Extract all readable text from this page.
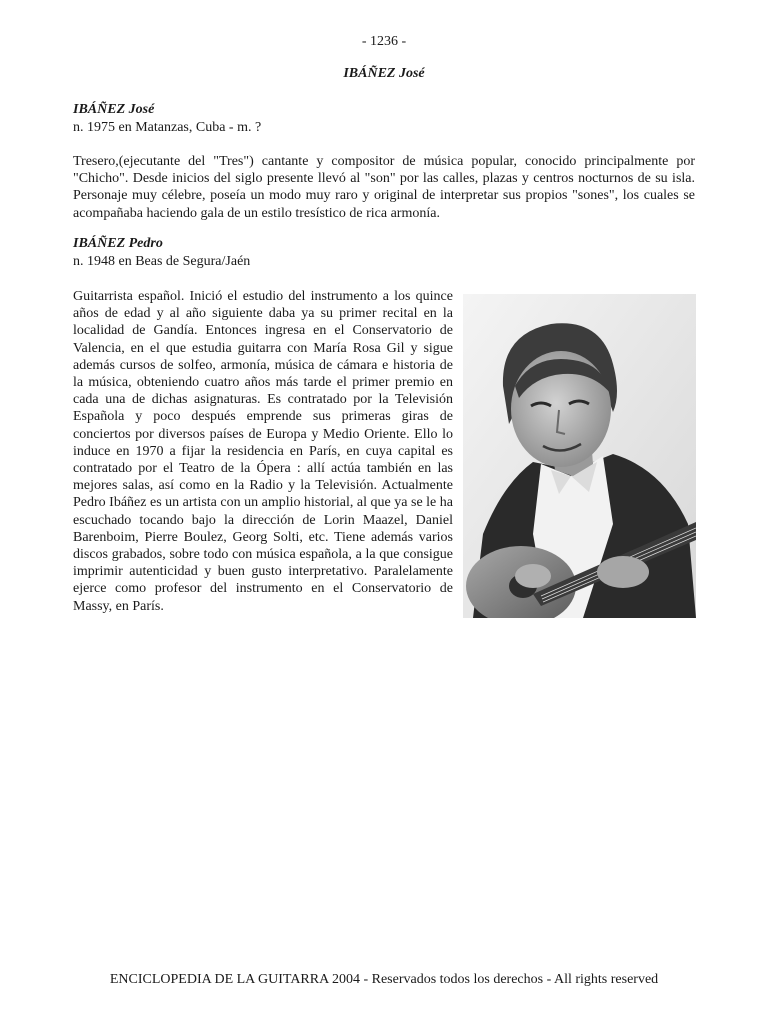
- 1236 -
IBÁÑEZ José
IBÁÑEZ José
n. 1975 en Matanzas, Cuba - m. ?

Tresero,(ejecutante del "Tres") cantante y compositor de música popular, conocido principalmente por "Chicho". Desde inicios del siglo presente llevó al "son" por las calles, plazas y centros nocturnos de su isla. Personaje muy célebre, poseía un modo muy raro y original de interpretar sus propios "sones", los cuales se acompañaba haciendo gala de un estilo tresístico de rica armonía.

IBÁÑEZ Pedro
n. 1948 en Beas de Segura/Jaén

Guitarrista español. Inició el estudio del instrumento a los quince años de edad y al año siguiente daba ya su primer recital en la localidad de Gandía. Entonces ingresa en el Conservatorio de Valencia, en el que estudia guitarra con María Rosa Gil y sigue además cursos de solfeo, armonía, música de cámara e historia de la música, obteniendo cuatro años más tarde el primer premio en cada una de dichas asignaturas. Es contratado por la Televisión Española y poco después emprende sus primeras giras de conciertos por diversos países de Europa y Medio Oriente. Ello lo induce en 1970 a fijar la residencia en París, en cuya capital es contratado por el Teatro de la Ópera : allí actúa también en las mejores salas, así como en la Radio y la Televisión. Actualmente Pedro Ibáñez es un artista con un amplio historial, al que ya se le ha escuchado tocando bajo la dirección de Lorin Maazel, Daniel Barenboim, Pierre Boulez, Georg Solti, etc. Tiene además varios discos grabados, sobre todo con música española, a la que consigue imprimir autenticidad y buen gusto interpretativo. Paralelamente ejerce como profesor del instrumento en el Conservatorio de Massy, en París.

ENCICLOPEDIA DE LA GUITARRA 2004 - Reservados todos los derechos - All rights reserved
